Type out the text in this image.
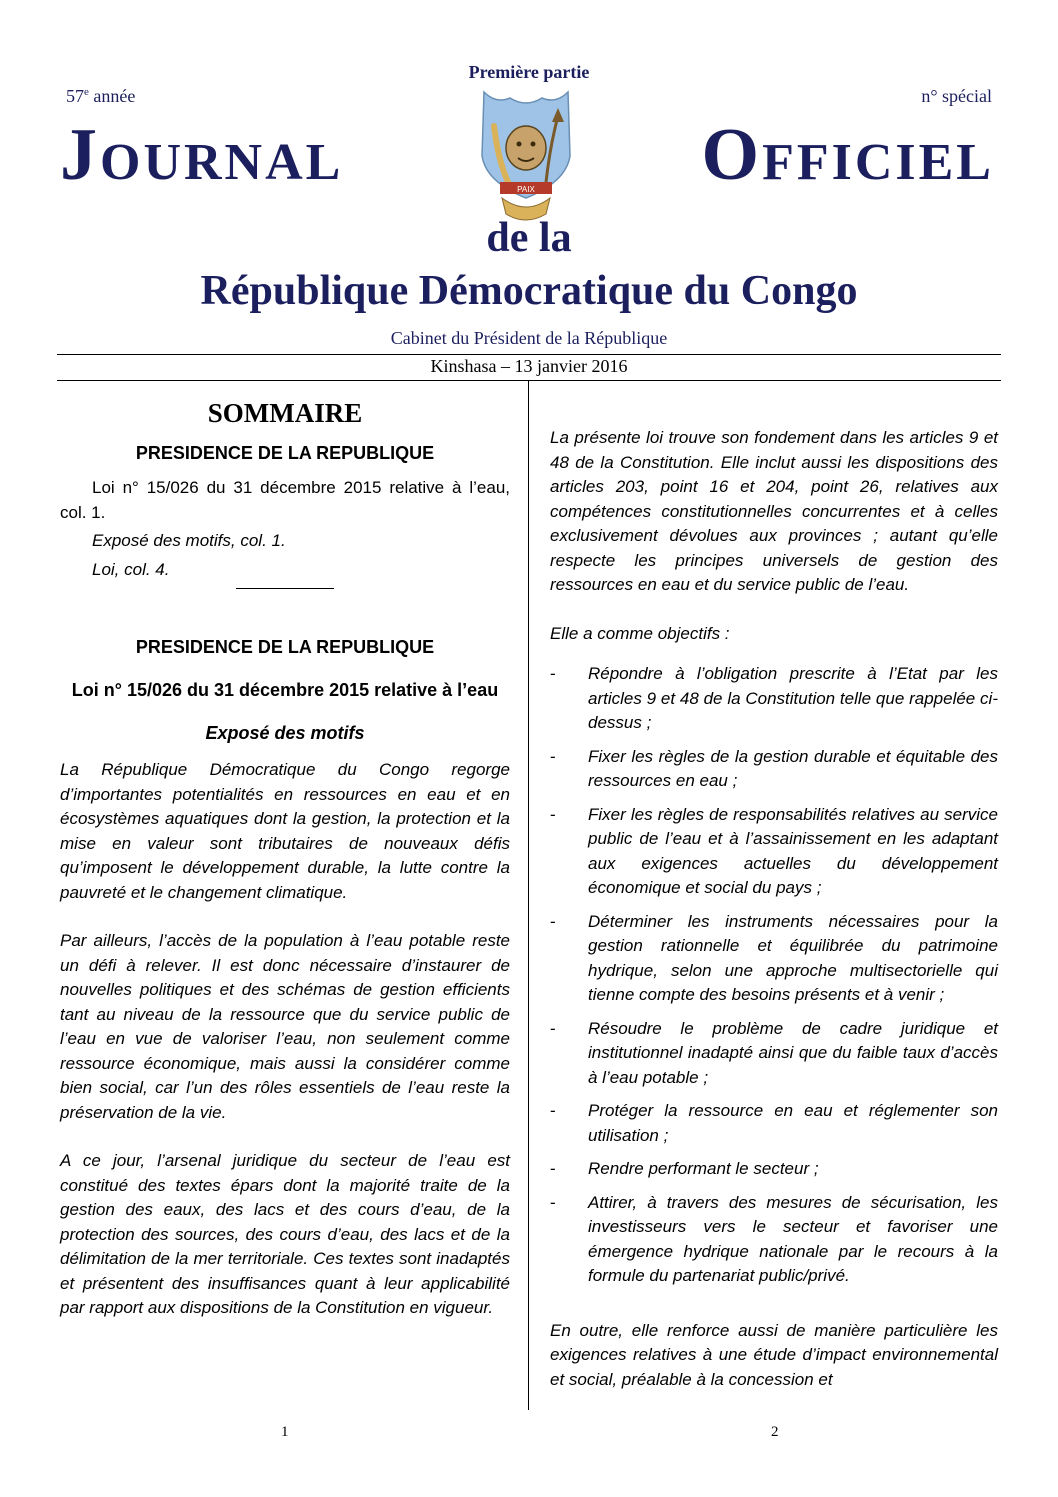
Première partie
57e année	n° spécial
Journal	Officiel
PAIX
de la
République Démocratique du Congo
Cabinet du Président de la République
Kinshasa – 13 janvier 2016
SOMMAIRE
PRESIDENCE DE LA REPUBLIQUE

Loi n° 15/026 du 31 décembre 2015 relative à l’eau, col. 1.

Exposé des motifs, col. 1.

Loi, col. 4.

PRESIDENCE DE LA REPUBLIQUE
Loi n° 15/026 du 31 décembre 2015 relative à l’eau
Exposé des motifs

La République Démocratique du Congo regorge d’importantes potentialités en ressources en eau et en écosystèmes aquatiques dont la gestion, la protection et la mise en valeur sont tributaires de nouveaux défis qu’imposent le développement durable, la lutte contre la pauvreté et le changement climatique.

Par ailleurs, l’accès de la population à l’eau potable reste un défi à relever. Il est donc nécessaire d’instaurer de nouvelles politiques et des schémas de gestion efficients tant au niveau de la ressource que du service public de l’eau en vue de valoriser l’eau, non seulement comme ressource économique, mais aussi la considérer comme bien social, car l’un des rôles essentiels de l’eau reste la préservation de la vie.

A ce jour, l’arsenal juridique du secteur de l’eau est constitué des textes épars dont la majorité traite de la gestion des eaux, des lacs et des cours d’eau, de la protection des sources, des cours d’eau, des lacs et de la délimitation de la mer territoriale. Ces textes sont inadaptés et présentent des insuffisances quant à leur applicabilité par rapport aux dispositions de la Constitution en vigueur.

La présente loi trouve son fondement dans les articles 9 et 48 de la Constitution. Elle inclut aussi les dispositions des articles 203, point 16 et 204, point 26, relatives aux compétences constitutionnelles concurrentes et à celles exclusivement dévolues aux provinces ; autant qu’elle respecte les principes universels de gestion des ressources en eau et du service public de l’eau.

Elle a comme objectifs :

- Répondre à l’obligation prescrite à l’Etat par les articles 9 et 48 de la Constitution telle que rappelée ci-dessus ;
- Fixer les règles de la gestion durable et équitable des ressources en eau ;
- Fixer les règles de responsabilités relatives au service public de l’eau et à l’assainissement en les adaptant aux exigences actuelles du développement économique et social du pays ;
- Déterminer les instruments nécessaires pour la gestion rationnelle et équilibrée du patrimoine hydrique, selon une approche multisectorielle qui tienne compte des besoins présents et à venir ;
- Résoudre le problème de cadre juridique et institutionnel inadapté ainsi que du faible taux d’accès à l’eau potable ;
- Protéger la ressource en eau et réglementer son utilisation ;
- Rendre performant le secteur ;
- Attirer, à travers des mesures de sécurisation, les investisseurs vers le secteur et favoriser une émergence hydrique nationale par le recours à la formule du partenariat public/privé.

En outre, elle renforce aussi de manière particulière les exigences relatives à une étude d’impact environnemental et social, préalable à la concession et

1	2
